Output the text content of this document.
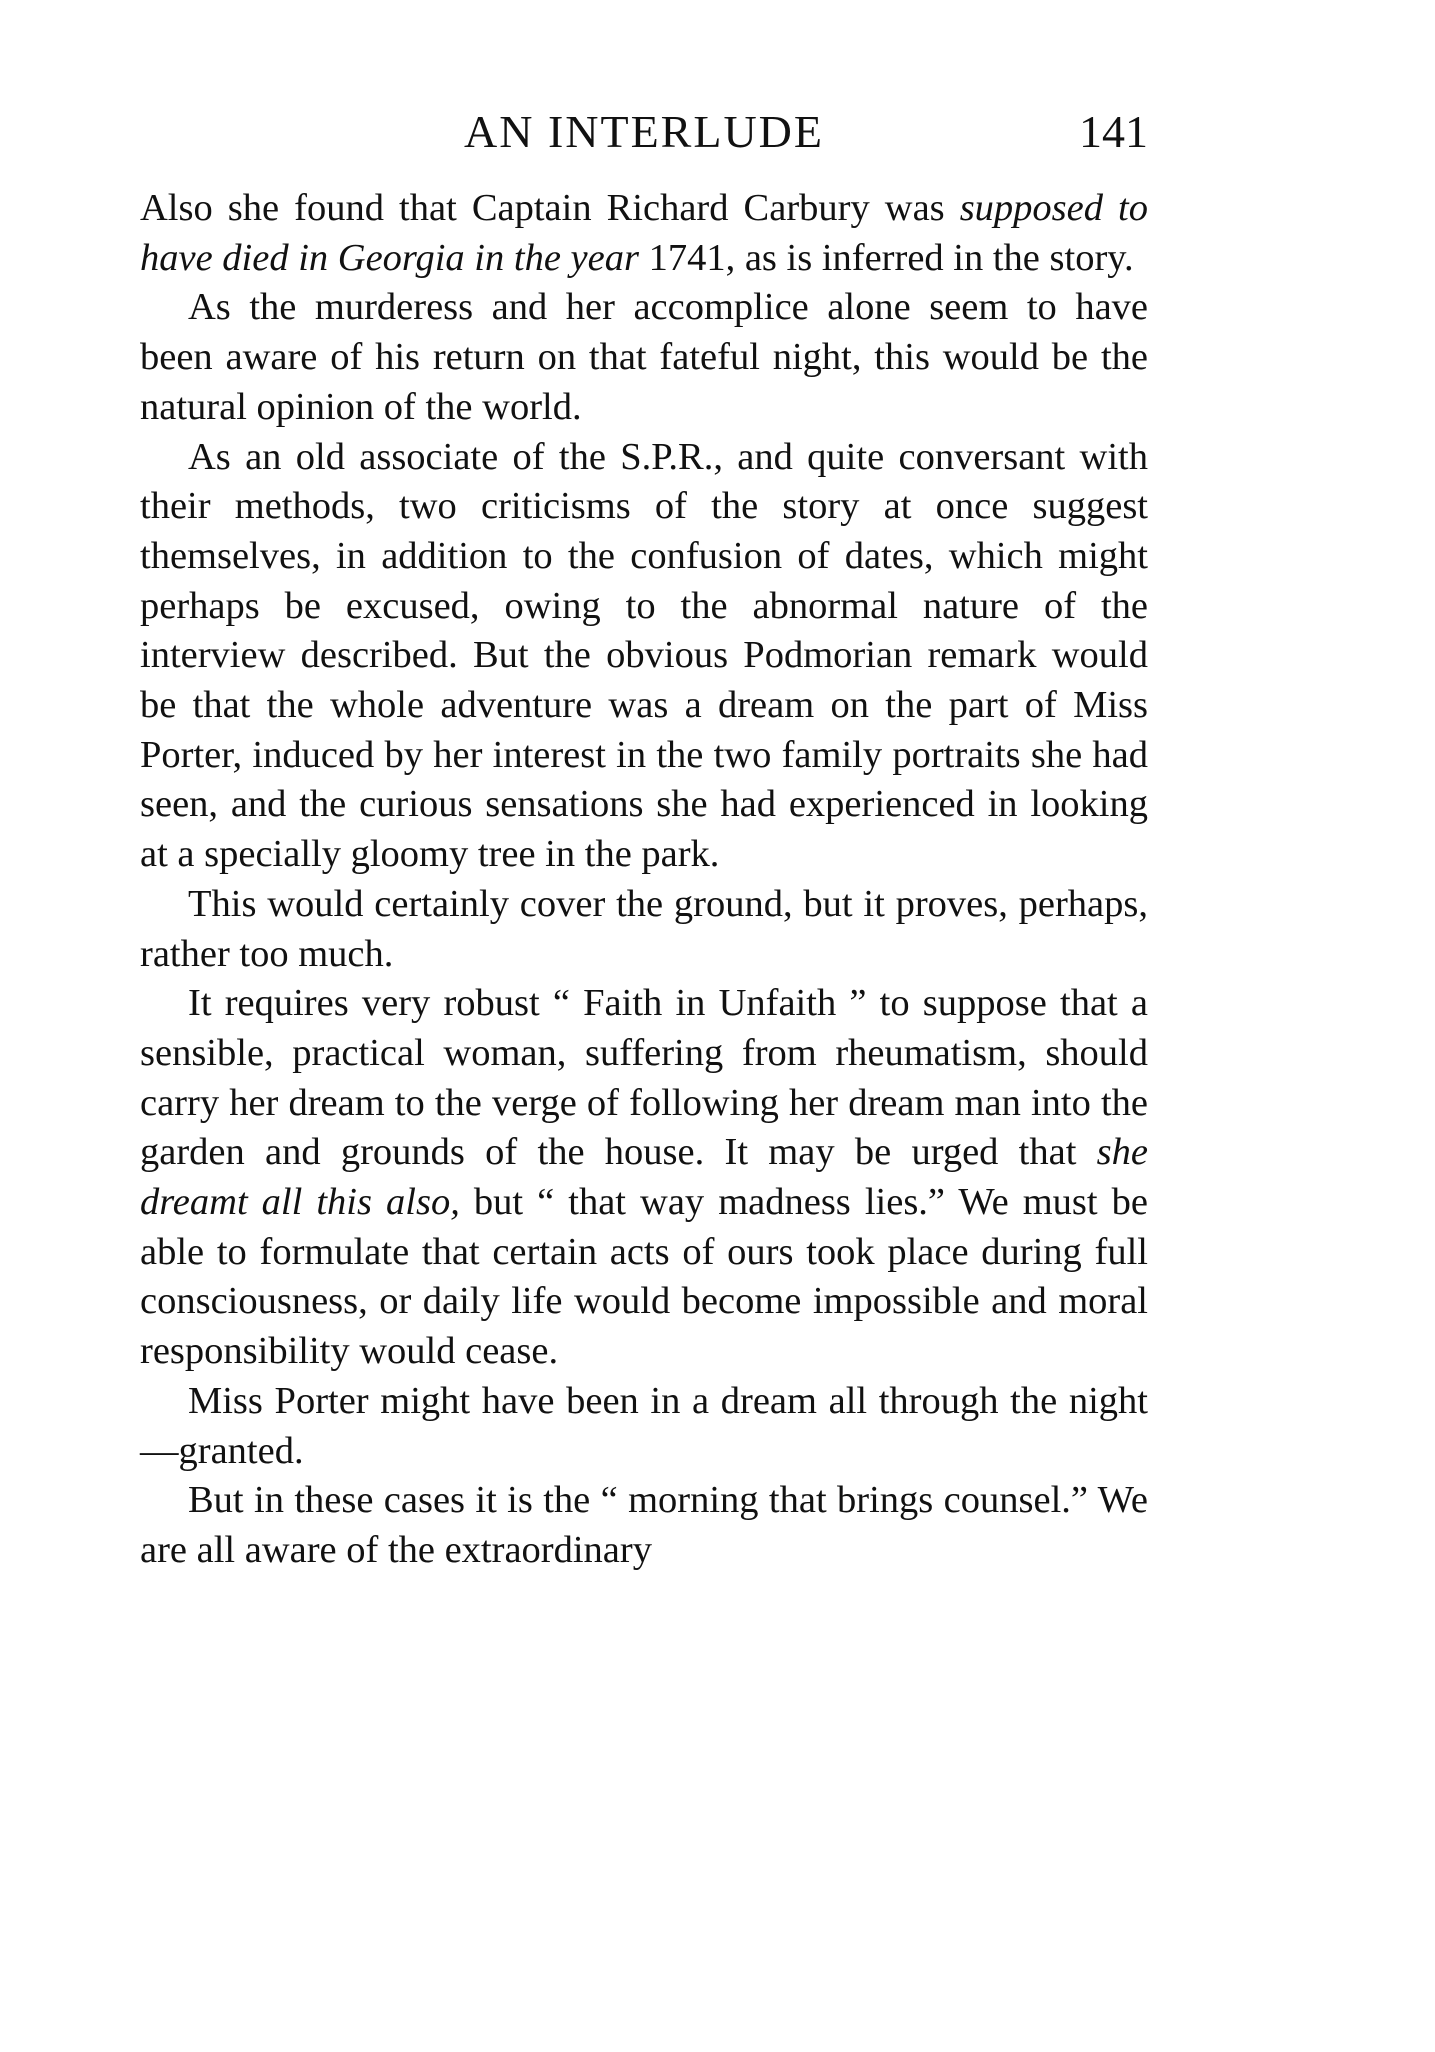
AN INTERLUDE	141

Also she found that Captain Richard Carbury was supposed to have died in Georgia in the year 1741, as is inferred in the story.

As the murderess and her accomplice alone seem to have been aware of his return on that fateful night, this would be the natural opinion of the world.

As an old associate of the S.P.R., and quite conversant with their methods, two criticisms of the story at once suggest themselves, in addition to the confusion of dates, which might perhaps be excused, owing to the abnormal nature of the interview described. But the obvious Podmorian remark would be that the whole adventure was a dream on the part of Miss Porter, induced by her interest in the two family portraits she had seen, and the curious sensations she had experienced in looking at a specially gloomy tree in the park.

This would certainly cover the ground, but it proves, perhaps, rather too much.

It requires very robust “ Faith in Unfaith ” to suppose that a sensible, practical woman, suffering from rheumatism, should carry her dream to the verge of following her dream man into the garden and grounds of the house. It may be urged that she dreamt all this also, but “ that way madness lies.” We must be able to formulate that certain acts of ours took place during full consciousness, or daily life would become impossible and moral responsibility would cease.

Miss Porter might have been in a dream all through the night—granted.

But in these cases it is the “ morning that brings counsel.” We are all aware of the extraordinary
